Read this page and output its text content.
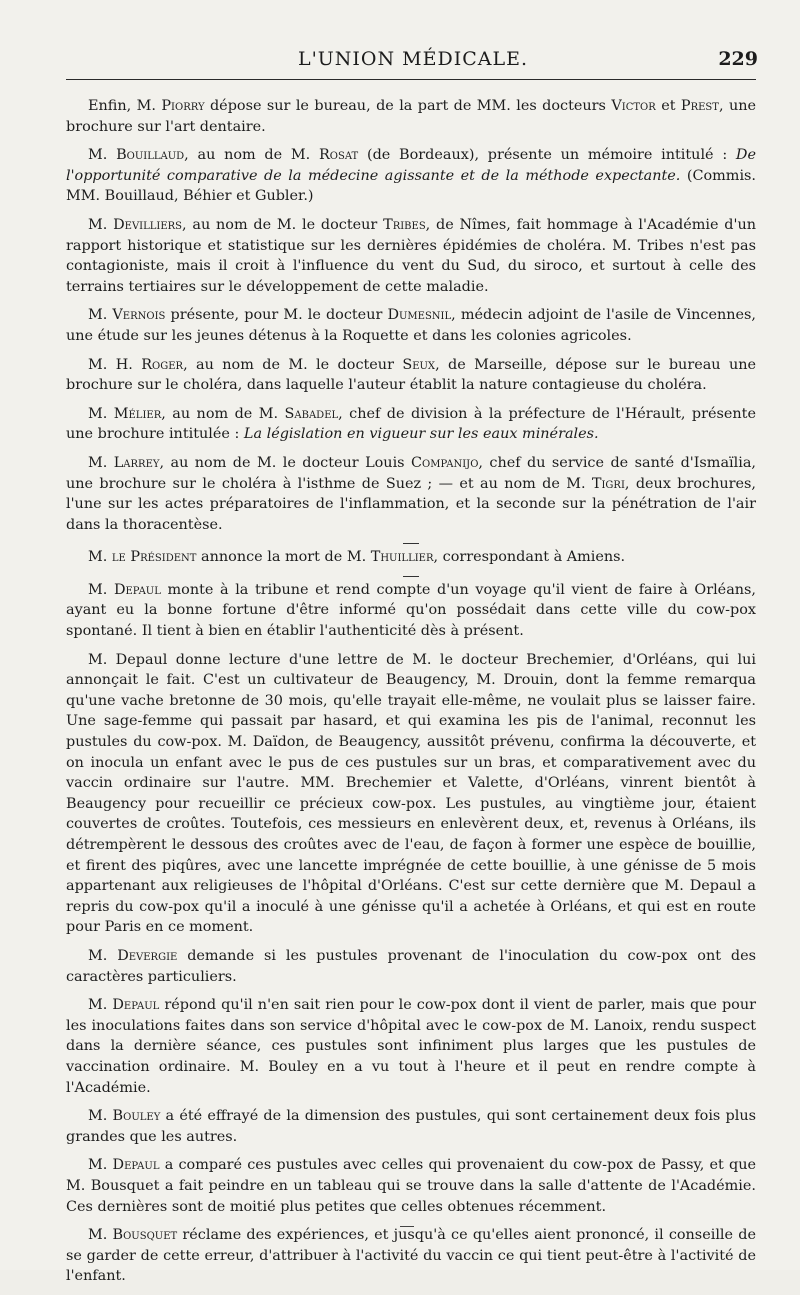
L'UNION MÉDICALE.	229

Enfin, M. Piorry dépose sur le bureau, de la part de MM. les docteurs Victor et Prest, une brochure sur l'art dentaire.

M. Bouillaud, au nom de M. Rosat (de Bordeaux), présente un mémoire intitulé : De l'opportunité comparative de la médecine agissante et de la méthode expectante. (Commis. MM. Bouillaud, Béhier et Gubler.)

M. Devilliers, au nom de M. le docteur Tribes, de Nîmes, fait hommage à l'Académie d'un rapport historique et statistique sur les dernières épidémies de choléra. M. Tribes n'est pas contagioniste, mais il croit à l'influence du vent du Sud, du siroco, et surtout à celle des terrains tertiaires sur le développement de cette maladie.

M. Vernois présente, pour M. le docteur Dumesnil, médecin adjoint de l'asile de Vincennes, une étude sur les jeunes détenus à la Roquette et dans les colonies agricoles.

M. H. Roger, au nom de M. le docteur Seux, de Marseille, dépose sur le bureau une brochure sur le choléra, dans laquelle l'auteur établit la nature contagieuse du choléra.

M. Mélier, au nom de M. Sabadel, chef de division à la préfecture de l'Hérault, présente une brochure intitulée : La législation en vigueur sur les eaux minérales.

M. Larrey, au nom de M. le docteur Louis Companijo, chef du service de santé d'Ismaïlia, une brochure sur le choléra à l'isthme de Suez ; — et au nom de M. Tigri, deux brochures, l'une sur les actes préparatoires de l'inflammation, et la seconde sur la pénétration de l'air dans la thoracentèse.

M. le Président annonce la mort de M. Thuillier, correspondant à Amiens.

M. Depaul monte à la tribune et rend compte d'un voyage qu'il vient de faire à Orléans, ayant eu la bonne fortune d'être informé qu'on possédait dans cette ville du cow-pox spontané. Il tient à bien en établir l'authenticité dès à présent.

M. Depaul donne lecture d'une lettre de M. le docteur Brechemier, d'Orléans, qui lui annonçait le fait. C'est un cultivateur de Beaugency, M. Drouin, dont la femme remarqua qu'une vache bretonne de 30 mois, qu'elle trayait elle-même, ne voulait plus se laisser faire. Une sage-femme qui passait par hasard, et qui examina les pis de l'animal, reconnut les pustules du cow-pox. M. Daïdon, de Beaugency, aussitôt prévenu, confirma la découverte, et on inocula un enfant avec le pus de ces pustules sur un bras, et comparativement avec du vaccin ordinaire sur l'autre. MM. Brechemier et Valette, d'Orléans, vinrent bientôt à Beaugency pour recueillir ce précieux cow-pox. Les pustules, au vingtième jour, étaient couvertes de croûtes. Toutefois, ces messieurs en enlevèrent deux, et, revenus à Orléans, ils détrempèrent le dessous des croûtes avec de l'eau, de façon à former une espèce de bouillie, et firent des piqûres, avec une lancette imprégnée de cette bouillie, à une génisse de 5 mois appartenant aux religieuses de l'hôpital d'Orléans. C'est sur cette dernière que M. Depaul a repris du cow-pox qu'il a inoculé à une génisse qu'il a achetée à Orléans, et qui est en route pour Paris en ce moment.

M. Devergie demande si les pustules provenant de l'inoculation du cow-pox ont des caractères particuliers.

M. Depaul répond qu'il n'en sait rien pour le cow-pox dont il vient de parler, mais que pour les inoculations faites dans son service d'hôpital avec le cow-pox de M. Lanoix, rendu suspect dans la dernière séance, ces pustules sont infiniment plus larges que les pustules de vaccination ordinaire. M. Bouley en a vu tout à l'heure et il peut en rendre compte à l'Académie.

M. Bouley a été effrayé de la dimension des pustules, qui sont certainement deux fois plus grandes que les autres.

M. Depaul a comparé ces pustules avec celles qui provenaient du cow-pox de Passy, et que M. Bousquet a fait peindre en un tableau qui se trouve dans la salle d'attente de l'Académie. Ces dernières sont de moitié plus petites que celles obtenues récemment.

M. Bousquet réclame des expériences, et jusqu'à ce qu'elles aient prononcé, il conseille de se garder de cette erreur, d'attribuer à l'activité du vaccin ce qui tient peut-être à l'activité de l'enfant.
